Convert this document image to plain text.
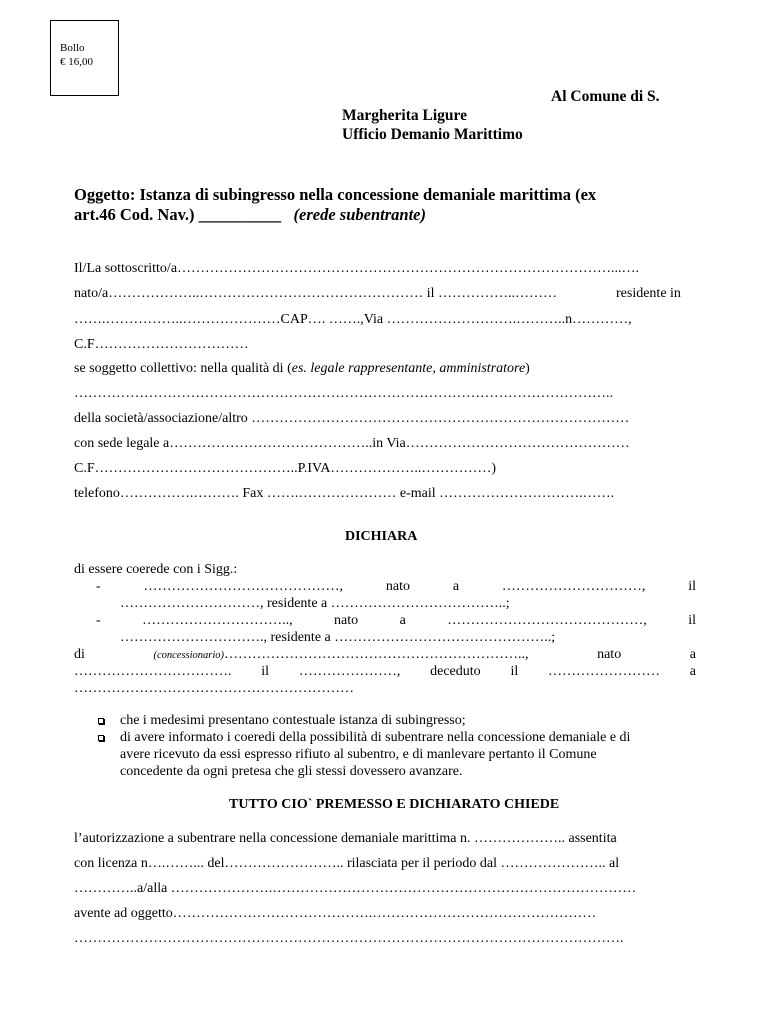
Bollo
€ 16,00
Al Comune di S.
Margherita Ligure
Ufficio Demanio Marittimo
Oggetto: Istanza di subingresso nella concessione demaniale marittima (ex
art.46 Cod. Nav.) __________ (erede subentrante)
Il/La sottoscritto/a…………………………………………………………………………………...….
nato/a………………..………………………………………… il ……………..………	residente in
…….……………..…………………CAP…. …….,Via ……………………….………..n…………,
C.F……………………………
se soggetto collettivo: nella qualità di (es. legale rappresentante, amministratore)
……………………………………………………………………………………………………..
della società/associazione/altro ………………………………………………………………………
con sede legale a……………………………………..in Via…………………………………………
C.F……………………………………..P.IVA………………..……………)
telefono…………….………. Fax …….………………… e-mail ………………………….…….
DICHIARA
di essere coerede con i Sigg.:
-	……………………………………,	nato	a	…………………………,	il
…………………………, residente a ………………………………..;
-	…………………………..,	nato	a	……………………………………,	il
…………………………., residente a ………………………………………..;
di	(concessionario)………………………………………………………..,	nato	a
……………………………. il …………………, deceduto il …………………… a
……………………………………………………
che i medesimi presentano contestuale istanza di subingresso;
di avere informato i coeredi della possibilità di subentrare nella concessione demaniale e di
avere ricevuto da essi espresso rifiuto al subentro, e di manlevare pertanto il Comune
concedente da ogni pretesa che gli stessi dovessero avanzare.
TUTTO CIO` PREMESSO E DICHIARATO CHIEDE
l’autorizzazione a subentrare nella concessione demaniale marittima n. ……………….. assentita
con licenza n….……... del…………………….. rilasciata per il periodo dal ………………….. al
…………..a/alla ………………….……………………………………………………………………
avente ad oggetto…………………………………….…………………………………………
……………………………………………………………………………………………………….
